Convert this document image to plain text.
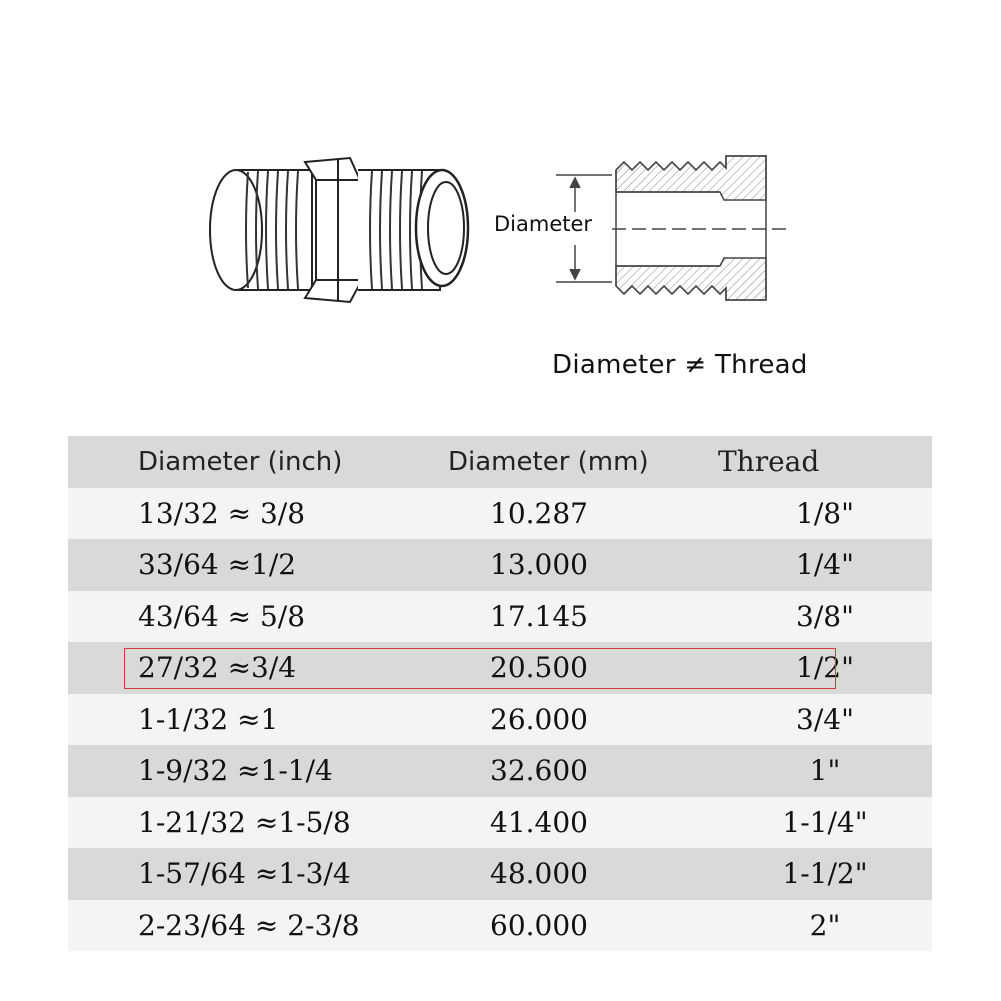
Diameter
Diameter ≠ Thread
Diameter (inch)	Diameter (mm)	Thread
13/32 ≈ 3/8	10.287	1/8"
33/64 ≈1/2	13.000	1/4"
43/64 ≈ 5/8	17.145	3/8"
27/32 ≈3/4	20.500	1/2"
1-1/32 ≈1	26.000	3/4"
1-9/32 ≈1-1/4	32.600	1"
1-21/32 ≈1-5/8	41.400	1-1/4"
1-57/64 ≈1-3/4	48.000	1-1/2"
2-23/64 ≈ 2-3/8	60.000	2"
